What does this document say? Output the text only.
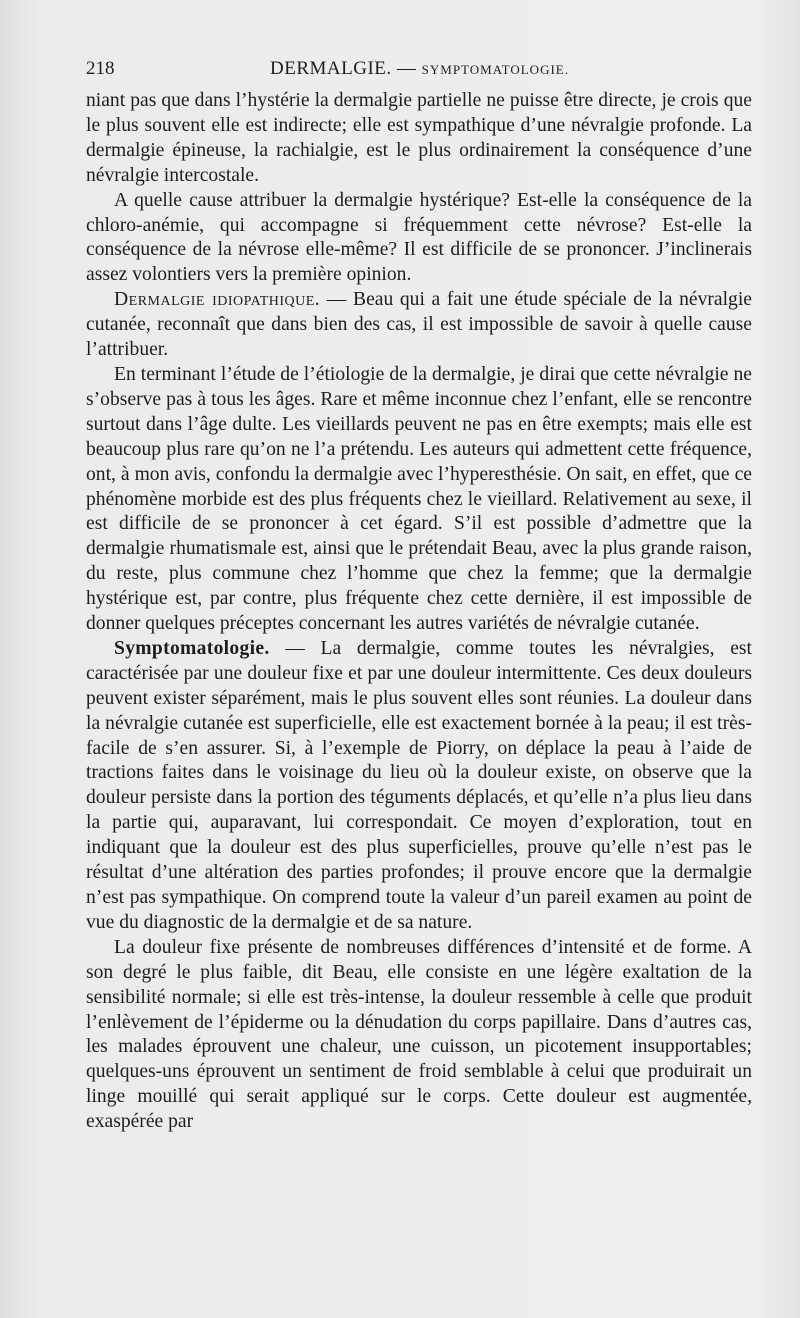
218	DERMALGIE. — SYMPTOMATOLOGIE.

niant pas que dans l’hystérie la dermalgie partielle ne puisse être directe, je crois que le plus souvent elle est indirecte; elle est sympathique d’une névralgie profonde. La dermalgie épineuse, la rachialgie, est le plus ordinairement la conséquence d’une névralgie intercostale.

A quelle cause attribuer la dermalgie hystérique? Est-elle la conséquence de la chloro-anémie, qui accompagne si fréquemment cette névrose? Est-elle la conséquence de la névrose elle-même? Il est difficile de se prononcer. J’inclinerais assez volontiers vers la première opinion.

Dermalgie idiopathique. — Beau qui a fait une étude spéciale de la névralgie cutanée, reconnaît que dans bien des cas, il est impossible de savoir à quelle cause l’attribuer.

En terminant l’étude de l’étiologie de la dermalgie, je dirai que cette névralgie ne s’observe pas à tous les âges. Rare et même inconnue chez l’enfant, elle se rencontre surtout dans l’âge dulte. Les vieillards peuvent ne pas en être exempts; mais elle est beaucoup plus rare qu’on ne l’a prétendu. Les auteurs qui admettent cette fréquence, ont, à mon avis, confondu la dermalgie avec l’hyperesthésie. On sait, en effet, que ce phénomène morbide est des plus fréquents chez le vieillard. Relativement au sexe, il est difficile de se prononcer à cet égard. S’il est possible d’admettre que la dermalgie rhumatismale est, ainsi que le prétendait Beau, avec la plus grande raison, du reste, plus commune chez l’homme que chez la femme; que la dermalgie hystérique est, par contre, plus fréquente chez cette dernière, il est impossible de donner quelques préceptes concernant les autres variétés de névralgie cutanée.

Symptomatologie. — La dermalgie, comme toutes les névralgies, est caractérisée par une douleur fixe et par une douleur intermittente. Ces deux douleurs peuvent exister séparément, mais le plus souvent elles sont réunies. La douleur dans la névralgie cutanée est superficielle, elle est exactement bornée à la peau; il est très-facile de s’en assurer. Si, à l’exemple de Piorry, on déplace la peau à l’aide de tractions faites dans le voisinage du lieu où la douleur existe, on observe que la douleur persiste dans la portion des téguments déplacés, et qu’elle n’a plus lieu dans la partie qui, auparavant, lui correspondait. Ce moyen d’exploration, tout en indiquant que la douleur est des plus superficielles, prouve qu’elle n’est pas le résultat d’une altération des parties profondes; il prouve encore que la dermalgie n’est pas sympathique. On comprend toute la valeur d’un pareil examen au point de vue du diagnostic de la dermalgie et de sa nature.

La douleur fixe présente de nombreuses différences d’intensité et de forme. A son degré le plus faible, dit Beau, elle consiste en une légère exaltation de la sensibilité normale; si elle est très-intense, la douleur ressemble à celle que produit l’enlèvement de l’épiderme ou la dénudation du corps papillaire. Dans d’autres cas, les malades éprouvent une chaleur, une cuisson, un picotement insupportables; quelques-uns éprouvent un sentiment de froid semblable à celui que produirait un linge mouillé qui serait appliqué sur le corps. Cette douleur est augmentée, exaspérée par
